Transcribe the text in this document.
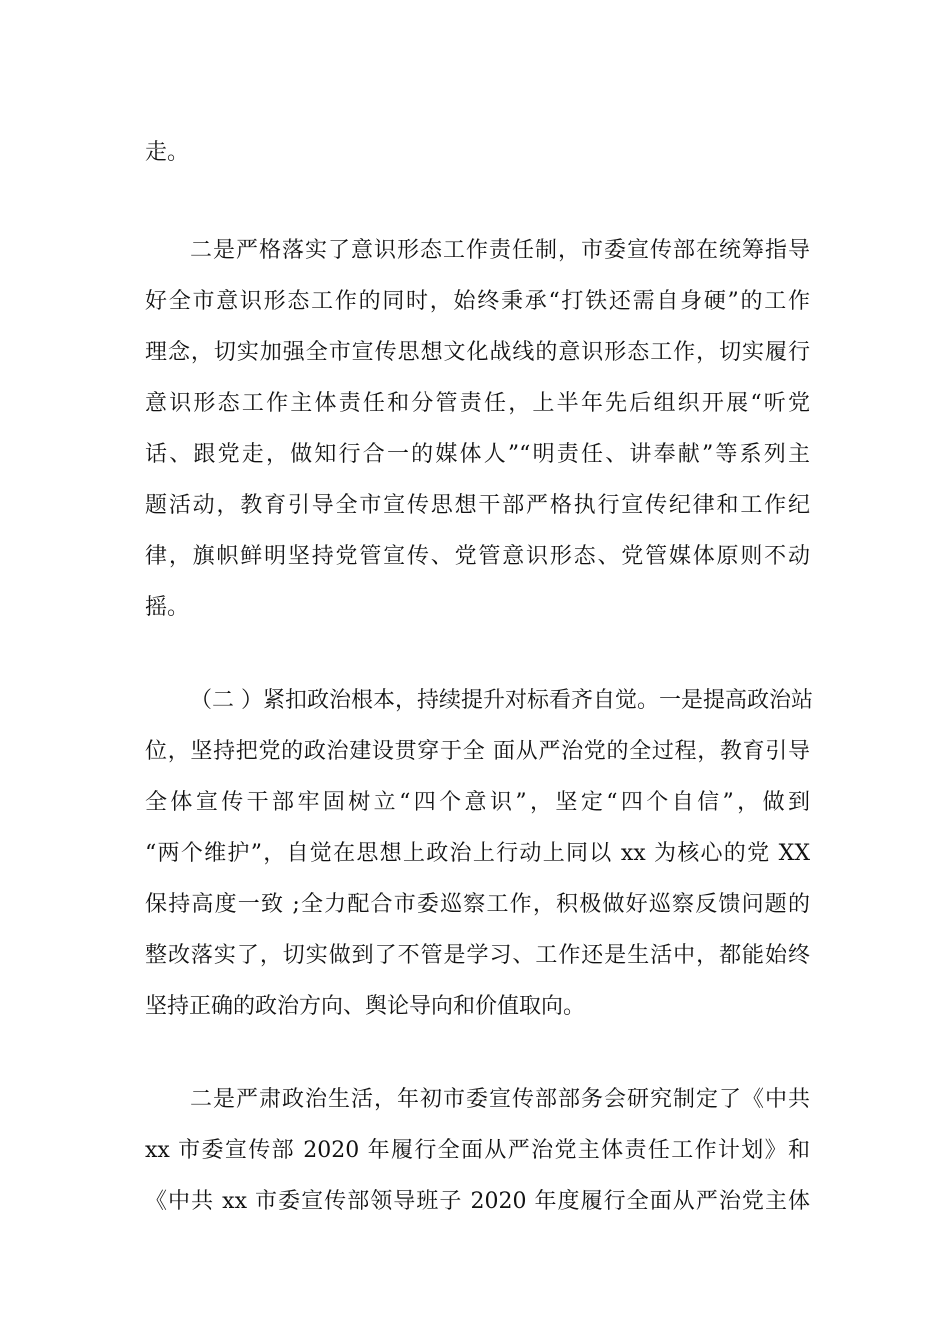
走。
二是严格落实了意识形态工作责任制，市委宣传部在统筹指导
好全市意识形态工作的同时，始终秉承“打铁还需自身硬”的工作
理念，切实加强全市宣传思想文化战线的意识形态工作，切实履行
意识形态工作主体责任和分管责任，上半年先后组织开展“听党
话、跟党走，做知行合一的媒体人”“明责任、讲奉献”等系列主
题活动，教育引导全市宣传思想干部严格执行宣传纪律和工作纪
律，旗帜鲜明坚持党管宣传、党管意识形态、党管媒体原则不动
摇。
（二 ）紧扣政治根本，持续提升对标看齐自觉。一是提高政治站
位，坚持把党的政治建设贯穿于全 面从严治党的全过程，教育引导
全体宣传干部牢固树立“四个意识”，坚定“四个自信”，做到
“两个维护”，自觉在思想上政治上行动上同以 xx 为核心的党 XX
保持高度一致 ;全力配合市委巡察工作，积极做好巡察反馈问题的
整改落实了，切实做到了不管是学习、工作还是生活中，都能始终
坚持正确的政治方向、舆论导向和价值取向。
二是严肃政治生活，年初市委宣传部部务会研究制定了《中共
xx 市委宣传部 2020 年履行全面从严治党主体责任工作计划》和
《中共 xx 市委宣传部领导班子 2020 年度履行全面从严治党主体
